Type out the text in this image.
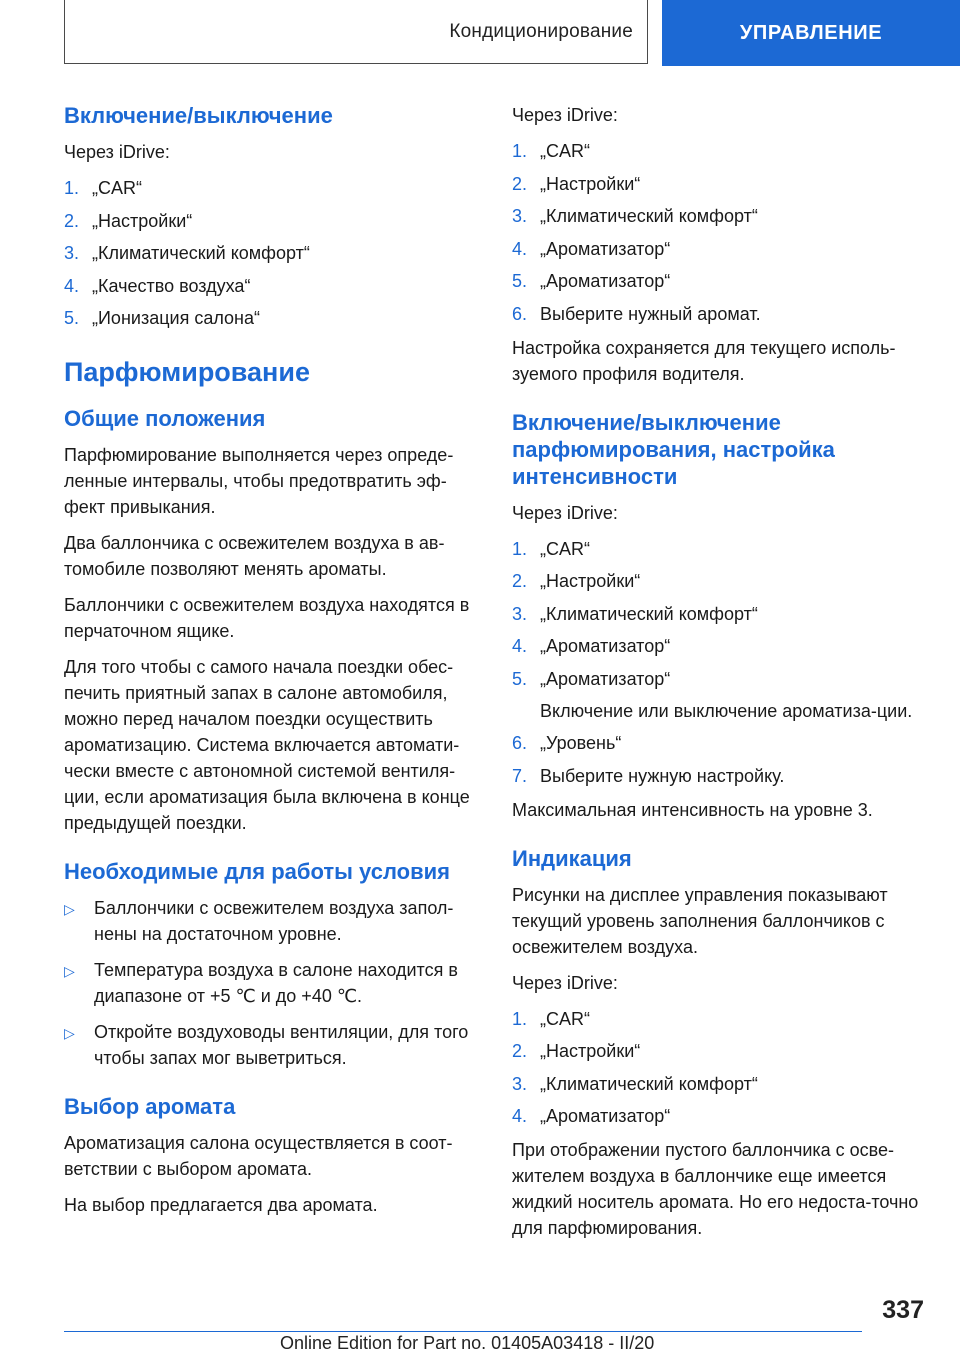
Кондиционирование	УПРАВЛЕНИЕ
Включение/выключение

Через iDrive:

1. „CAR“
2. „Настройки“
3. „Климатический комфорт“
4. „Качество воздуха“
5. „Ионизация салона“
Парфюмирование
Общие положения

Парфюмирование выполняется через опреде-ленные интервалы, чтобы предотвратить эф-фект привыкания.

Два баллончика с освежителем воздуха в ав-томобиле позволяют менять ароматы.

Баллончики с освежителем воздуха находятся в перчаточном ящике.

Для того чтобы с самого начала поездки обес-печить приятный запах в салоне автомобиля, можно перед началом поездки осуществить ароматизацию. Система включается автомати-чески вместе с автономной системой вентиля-ции, если ароматизация была включена в конце предыдущей поездки.

Необходимые для работы условия
▷	Баллончики с освежителем воздуха запол-нены на достаточном уровне.
▷	Температура воздуха в салоне находится в диапазоне от +5 ℃ и до +40 ℃.
▷	Откройте воздуховоды вентиляции, для того чтобы запах мог выветриться.
Выбор аромата

Ароматизация салона осуществляется в соот-ветствии с выбором аромата.

На выбор предлагается два аромата.

Через iDrive:

1. „CAR“
2. „Настройки“
3. „Климатический комфорт“
4. „Ароматизатор“
5. „Ароматизатор“
6. Выберите нужный аромат.

Настройка сохраняется для текущего исполь-зуемого профиля водителя.

Включение/выключение парфюмирования, настройка интенсивности

Через iDrive:

1. „CAR“
2. „Настройки“
3. „Климатический комфорт“
4. „Ароматизатор“
5. „Ароматизатор“
Включение или выключение ароматиза-ции.
6. „Уровень“
7. Выберите нужную настройку.

Максимальная интенсивность на уровне 3.

Индикация

Рисунки на дисплее управления показывают текущий уровень заполнения баллончиков с освежителем воздуха.

Через iDrive:

1. „CAR“
2. „Настройки“
3. „Климатический комфорт“
4. „Ароматизатор“

При отображении пустого баллончика с осве-жителем воздуха в баллончике еще имеется жидкий носитель аромата. Но его недоста-точно для парфюмирования.

337
Online Edition for Part no. 01405A03418 - II/20
